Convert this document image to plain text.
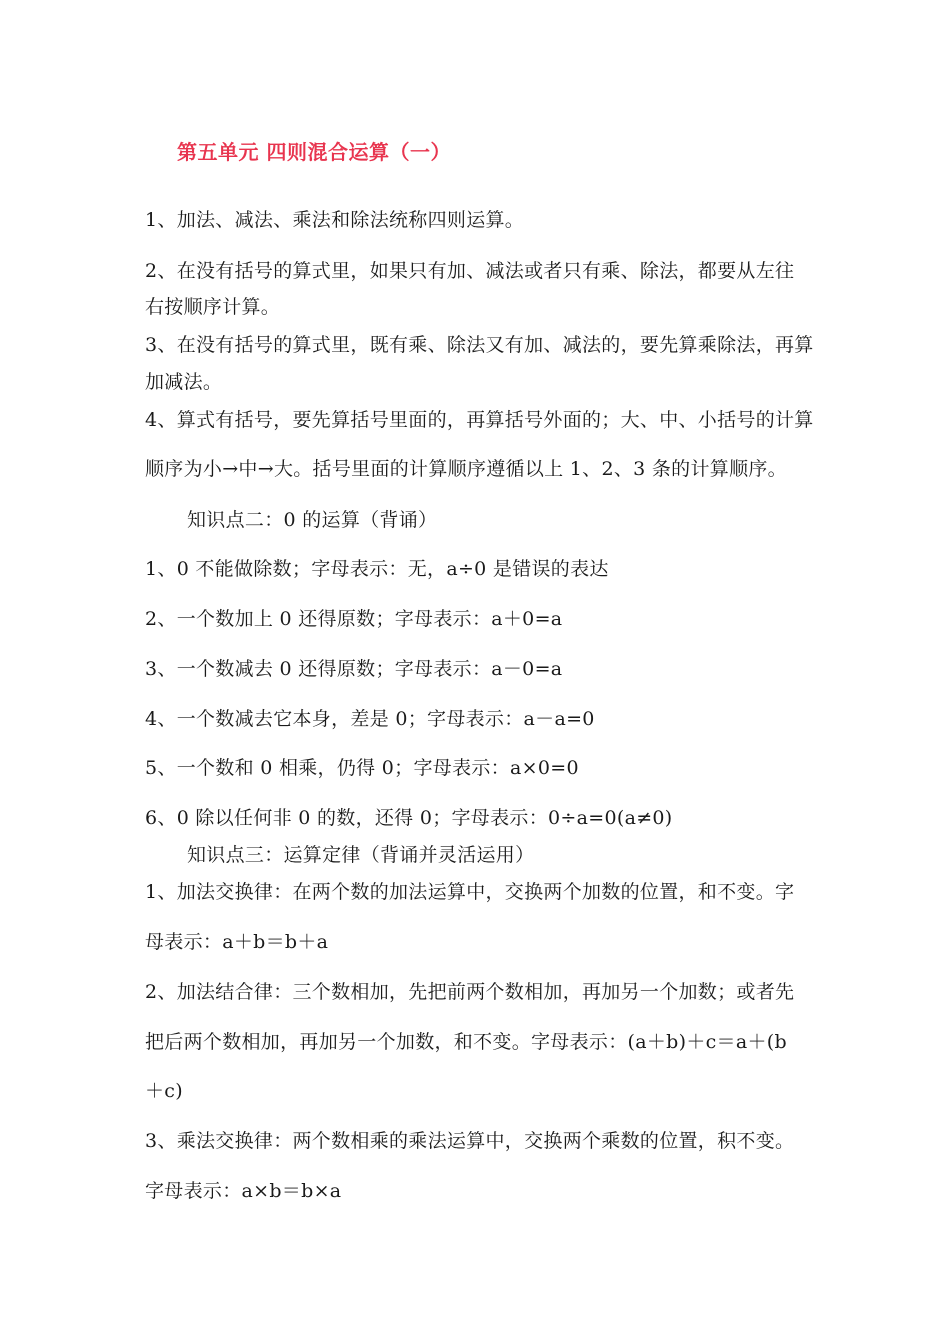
第五单元 四则混合运算（一）
1、加法、减法、乘法和除法统称四则运算。
2、在没有括号的算式里，如果只有加、减法或者只有乘、除法，都要从左往
右按顺序计算。
3、在没有括号的算式里，既有乘、除法又有加、减法的，要先算乘除法，再算
加减法。
4、算式有括号，要先算括号里面的，再算括号外面的；大、中、小括号的计算
顺序为小→中→大。括号里面的计算顺序遵循以上 1、2、3 条的计算顺序。
知识点二：0 的运算（背诵）
1、0 不能做除数；字母表示：无，a÷0 是错误的表达
2、一个数加上 0 还得原数；字母表示：a＋0=a
3、一个数减去 0 还得原数；字母表示：a－0=a
4、一个数减去它本身，差是 0；字母表示：a－a=0
5、一个数和 0 相乘，仍得 0；字母表示：a×0=0
6、0 除以任何非 0 的数，还得 0；字母表示：0÷a=0(a≠0)
知识点三：运算定律（背诵并灵活运用）
1、加法交换律：在两个数的加法运算中，交换两个加数的位置，和不变。字
母表示：a＋b＝b＋a
2、加法结合律：三个数相加，先把前两个数相加，再加另一个加数；或者先
把后两个数相加，再加另一个加数，和不变。字母表示：(a＋b)＋c＝a＋(b
＋c)
3、乘法交换律：两个数相乘的乘法运算中，交换两个乘数的位置，积不变。
字母表示：a×b＝b×a
